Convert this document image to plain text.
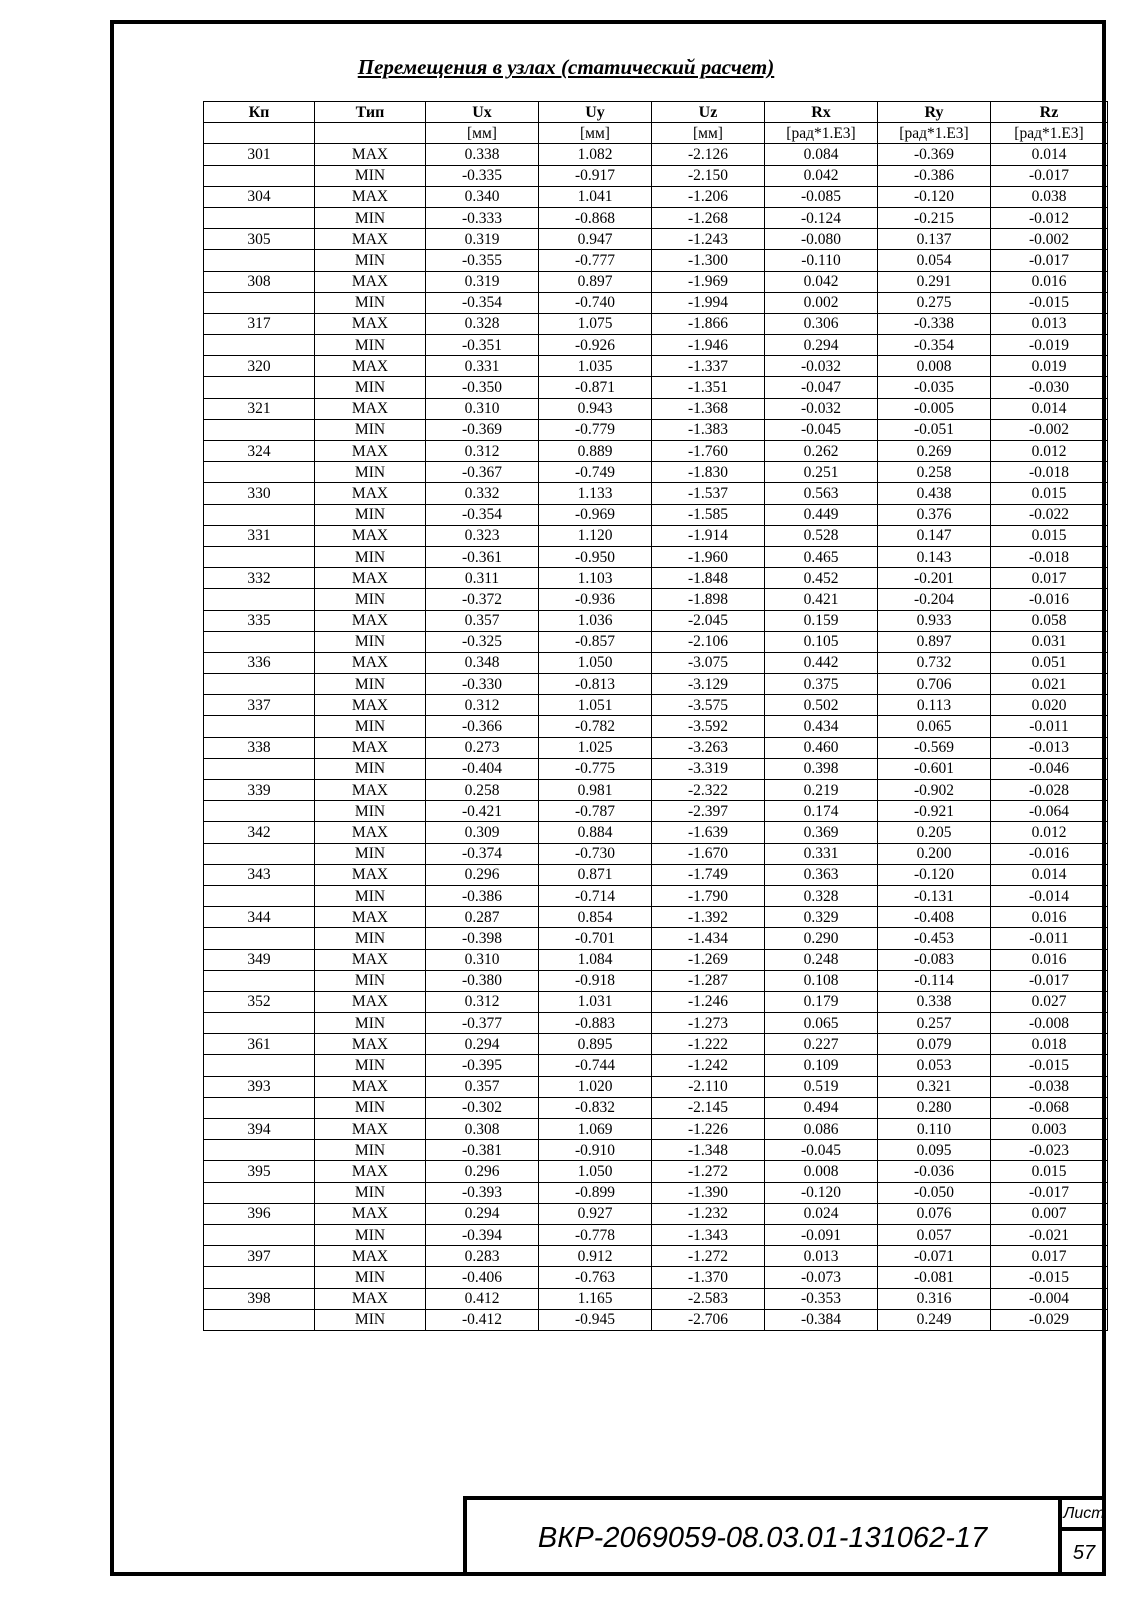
Перемещения в узлах (статический расчет)
Кп	Тип	Ux	Uy	Uz	Rx	Ry	Rz
		[мм]	[мм]	[мм]	[рад*1.E3]	[рад*1.E3]	[рад*1.E3]
301	MAX	0.338	1.082	-2.126	0.084	-0.369	0.014
	MIN	-0.335	-0.917	-2.150	0.042	-0.386	-0.017
304	MAX	0.340	1.041	-1.206	-0.085	-0.120	0.038
	MIN	-0.333	-0.868	-1.268	-0.124	-0.215	-0.012
305	MAX	0.319	0.947	-1.243	-0.080	0.137	-0.002
	MIN	-0.355	-0.777	-1.300	-0.110	0.054	-0.017
308	MAX	0.319	0.897	-1.969	0.042	0.291	0.016
	MIN	-0.354	-0.740	-1.994	0.002	0.275	-0.015
317	MAX	0.328	1.075	-1.866	0.306	-0.338	0.013
	MIN	-0.351	-0.926	-1.946	0.294	-0.354	-0.019
320	MAX	0.331	1.035	-1.337	-0.032	0.008	0.019
	MIN	-0.350	-0.871	-1.351	-0.047	-0.035	-0.030
321	MAX	0.310	0.943	-1.368	-0.032	-0.005	0.014
	MIN	-0.369	-0.779	-1.383	-0.045	-0.051	-0.002
324	MAX	0.312	0.889	-1.760	0.262	0.269	0.012
	MIN	-0.367	-0.749	-1.830	0.251	0.258	-0.018
330	MAX	0.332	1.133	-1.537	0.563	0.438	0.015
	MIN	-0.354	-0.969	-1.585	0.449	0.376	-0.022
331	MAX	0.323	1.120	-1.914	0.528	0.147	0.015
	MIN	-0.361	-0.950	-1.960	0.465	0.143	-0.018
332	MAX	0.311	1.103	-1.848	0.452	-0.201	0.017
	MIN	-0.372	-0.936	-1.898	0.421	-0.204	-0.016
335	MAX	0.357	1.036	-2.045	0.159	0.933	0.058
	MIN	-0.325	-0.857	-2.106	0.105	0.897	0.031
336	MAX	0.348	1.050	-3.075	0.442	0.732	0.051
	MIN	-0.330	-0.813	-3.129	0.375	0.706	0.021
337	MAX	0.312	1.051	-3.575	0.502	0.113	0.020
	MIN	-0.366	-0.782	-3.592	0.434	0.065	-0.011
338	MAX	0.273	1.025	-3.263	0.460	-0.569	-0.013
	MIN	-0.404	-0.775	-3.319	0.398	-0.601	-0.046
339	MAX	0.258	0.981	-2.322	0.219	-0.902	-0.028
	MIN	-0.421	-0.787	-2.397	0.174	-0.921	-0.064
342	MAX	0.309	0.884	-1.639	0.369	0.205	0.012
	MIN	-0.374	-0.730	-1.670	0.331	0.200	-0.016
343	MAX	0.296	0.871	-1.749	0.363	-0.120	0.014
	MIN	-0.386	-0.714	-1.790	0.328	-0.131	-0.014
344	MAX	0.287	0.854	-1.392	0.329	-0.408	0.016
	MIN	-0.398	-0.701	-1.434	0.290	-0.453	-0.011
349	MAX	0.310	1.084	-1.269	0.248	-0.083	0.016
	MIN	-0.380	-0.918	-1.287	0.108	-0.114	-0.017
352	MAX	0.312	1.031	-1.246	0.179	0.338	0.027
	MIN	-0.377	-0.883	-1.273	0.065	0.257	-0.008
361	MAX	0.294	0.895	-1.222	0.227	0.079	0.018
	MIN	-0.395	-0.744	-1.242	0.109	0.053	-0.015
393	MAX	0.357	1.020	-2.110	0.519	0.321	-0.038
	MIN	-0.302	-0.832	-2.145	0.494	0.280	-0.068
394	MAX	0.308	1.069	-1.226	0.086	0.110	0.003
	MIN	-0.381	-0.910	-1.348	-0.045	0.095	-0.023
395	MAX	0.296	1.050	-1.272	0.008	-0.036	0.015
	MIN	-0.393	-0.899	-1.390	-0.120	-0.050	-0.017
396	MAX	0.294	0.927	-1.232	0.024	0.076	0.007
	MIN	-0.394	-0.778	-1.343	-0.091	0.057	-0.021
397	MAX	0.283	0.912	-1.272	0.013	-0.071	0.017
	MIN	-0.406	-0.763	-1.370	-0.073	-0.081	-0.015
398	MAX	0.412	1.165	-2.583	-0.353	0.316	-0.004
	MIN	-0.412	-0.945	-2.706	-0.384	0.249	-0.029
ВКР-2069059-08.03.01-131062-17
Лист
57
